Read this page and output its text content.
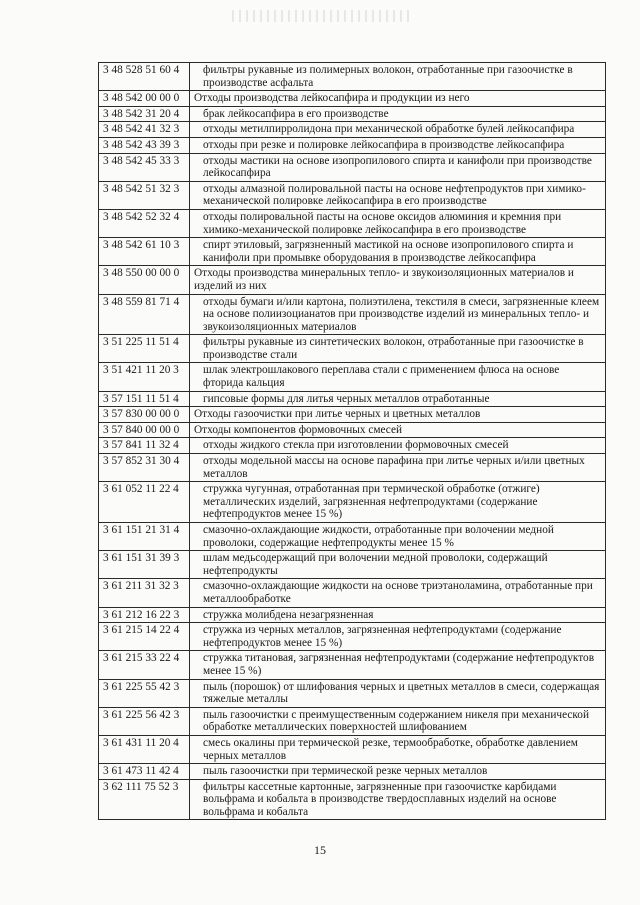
3 48 528 51 60 4	фильтры рукавные из полимерных волокон, отработанные при газоочистке в производстве асфальта
3 48 542 00 00 0	Отходы производства лейкосапфира и продукции из него
3 48 542 31 20 4	брак лейкосапфира в его производстве
3 48 542 41 32 3	отходы метилпирролидона при механической обработке булей лейкосапфира
3 48 542 43 39 3	отходы при резке и полировке лейкосапфира в производстве лейкосапфира
3 48 542 45 33 3	отходы мастики на основе изопропилового спирта и канифоли при производстве лейкосапфира
3 48 542 51 32 3	отходы алмазной полировальной пасты на основе нефтепродуктов при химико-механической полировке лейкосапфира в его производстве
3 48 542 52 32 4	отходы полировальной пасты на основе оксидов алюминия и кремния при химико-механической полировке лейкосапфира в его производстве
3 48 542 61 10 3	спирт этиловый, загрязненный мастикой на основе изопропилового спирта и канифоли при промывке оборудования в производстве лейкосапфира
3 48 550 00 00 0	Отходы производства минеральных тепло- и звукоизоляционных материалов и изделий из них
3 48 559 81 71 4	отходы бумаги и/или картона, полиэтилена, текстиля в смеси, загрязненные клеем на основе полиизоцианатов при производстве изделий из минеральных тепло- и звукоизоляционных материалов
3 51 225 11 51 4	фильтры рукавные из синтетических волокон, отработанные при газоочистке в производстве стали
3 51 421 11 20 3	шлак электрошлакового переплава стали с применением флюса на основе фторида кальция
3 57 151 11 51 4	гипсовые формы для литья черных металлов отработанные
3 57 830 00 00 0	Отходы газоочистки при литье черных и цветных металлов
3 57 840 00 00 0	Отходы компонентов формовочных смесей
3 57 841 11 32 4	отходы жидкого стекла при изготовлении формовочных смесей
3 57 852 31 30 4	отходы модельной массы на основе парафина при литье черных и/или цветных металлов
3 61 052 11 22 4	стружка чугунная, отработанная при термической обработке (отжиге) металлических изделий, загрязненная нефтепродуктами (содержание нефтепродуктов менее 15 %)
3 61 151 21 31 4	смазочно-охлаждающие жидкости, отработанные при волочении медной проволоки, содержащие нефтепродукты менее 15 %
3 61 151 31 39 3	шлам медьсодержащий при волочении медной проволоки, содержащий нефтепродукты
3 61 211 31 32 3	смазочно-охлаждающие жидкости на основе триэтаноламина, отработанные при металлообработке
3 61 212 16 22 3	стружка молибдена незагрязненная
3 61 215 14 22 4	стружка из черных металлов, загрязненная нефтепродуктами (содержание нефтепродуктов менее 15 %)
3 61 215 33 22 4	стружка титановая, загрязненная нефтепродуктами (содержание нефтепродуктов менее 15 %)
3 61 225 55 42 3	пыль (порошок) от шлифования черных и цветных металлов в смеси, содержащая тяжелые металлы
3 61 225 56 42 3	пыль газоочистки с преимущественным содержанием никеля при механической обработке металлических поверхностей шлифованием
3 61 431 11 20 4	смесь окалины при термической резке, термообработке, обработке давлением черных металлов
3 61 473 11 42 4	пыль газоочистки при термической резке черных металлов
3 62 111 75 52 3	фильтры кассетные картонные, загрязненные при газоочистке карбидами вольфрама и кобальта в производстве твердосплавных изделий на основе вольфрама и кобальта
15
